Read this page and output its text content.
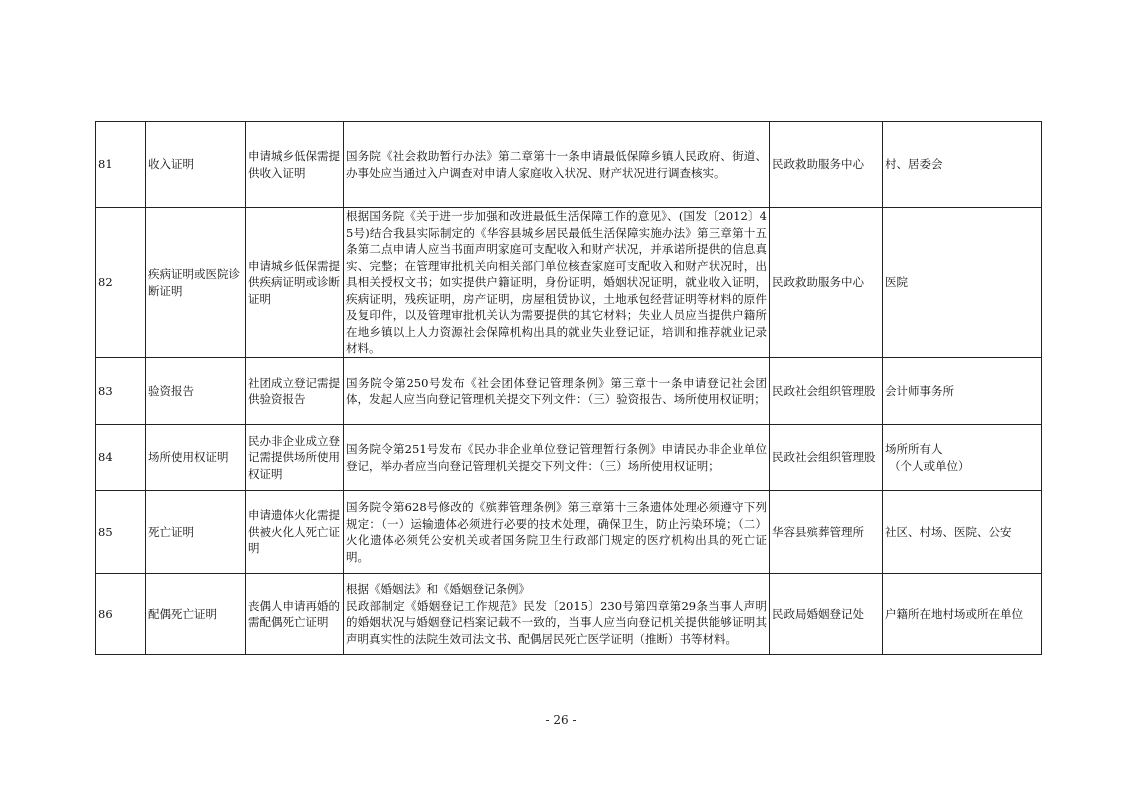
81	收入证明	申请城乡低保需提供收入证明	国务院《社会救助暂行办法》第二章第十一条申请最低保障乡镇人民政府、街道、办事处应当通过入户调查对申请人家庭收入状况、财产状况进行调查核实。	民政救助服务中心	村、居委会

82	疾病证明或医院诊断证明	申请城乡低保需提供疾病证明或诊断证明	根据国务院《关于进一步加强和改进最低生活保障工作的意见》、(国发〔2012〕45号)结合我县实际制定的《华容县城乡居民最低生活保障实施办法》第三章第十五条第二点申请人应当书面声明家庭可支配收入和财产状况，并承诺所提供的信息真实、完整；在管理审批机关向相关部门单位核查家庭可支配收入和财产状况时，出具相关授权文书；如实提供户籍证明，身份证明，婚姻状况证明，就业收入证明，疾病证明，残疾证明，房产证明，房屋租赁协议，土地承包经营证明等材料的原件及复印件，以及管理审批机关认为需要提供的其它材料；失业人员应当提供户籍所在地乡镇以上人力资源社会保障机构出具的就业失业登记证，培训和推荐就业记录材料。	民政救助服务中心	医院

83	验资报告	社团成立登记需提供验资报告	国务院令第250号发布《社会团体登记管理条例》第三章十一条申请登记社会团体，发起人应当向登记管理机关提交下列文件：（三）验资报告、场所使用权证明；	民政社会组织管理股	会计师事务所

84	场所使用权证明	民办非企业成立登记需提供场所使用权证明	国务院令第251号发布《民办非企业单位登记管理暂行条例》申请民办非企业单位登记，举办者应当向登记管理机关提交下列文件：（三）场所使用权证明；	民政社会组织管理股	场所所有人
（个人或单位）

85	死亡证明	申请遗体火化需提供被火化人死亡证明	国务院令第628号修改的《殡葬管理条例》第三章第十三条遗体处理必须遵守下列规定：（一）运输遗体必须进行必要的技术处理，确保卫生，防止污染环境；（二）火化遗体必须凭公安机关或者国务院卫生行政部门规定的医疗机构出具的死亡证明。	华容县殡葬管理所	社区、村场、医院、公安

86	配偶死亡证明	丧偶人申请再婚的需配偶死亡证明	根据《婚姻法》和《婚姻登记条例》
民政部制定《婚姻登记工作规范》民发〔2015〕230号第四章第29条当事人声明的婚姻状况与婚姻登记档案记载不一致的，当事人应当向登记机关提供能够证明其声明真实性的法院生效司法文书、配偶居民死亡医学证明（推断）书等材料。	民政局婚姻登记处	户籍所在地村场或所在单位
- 26 -
